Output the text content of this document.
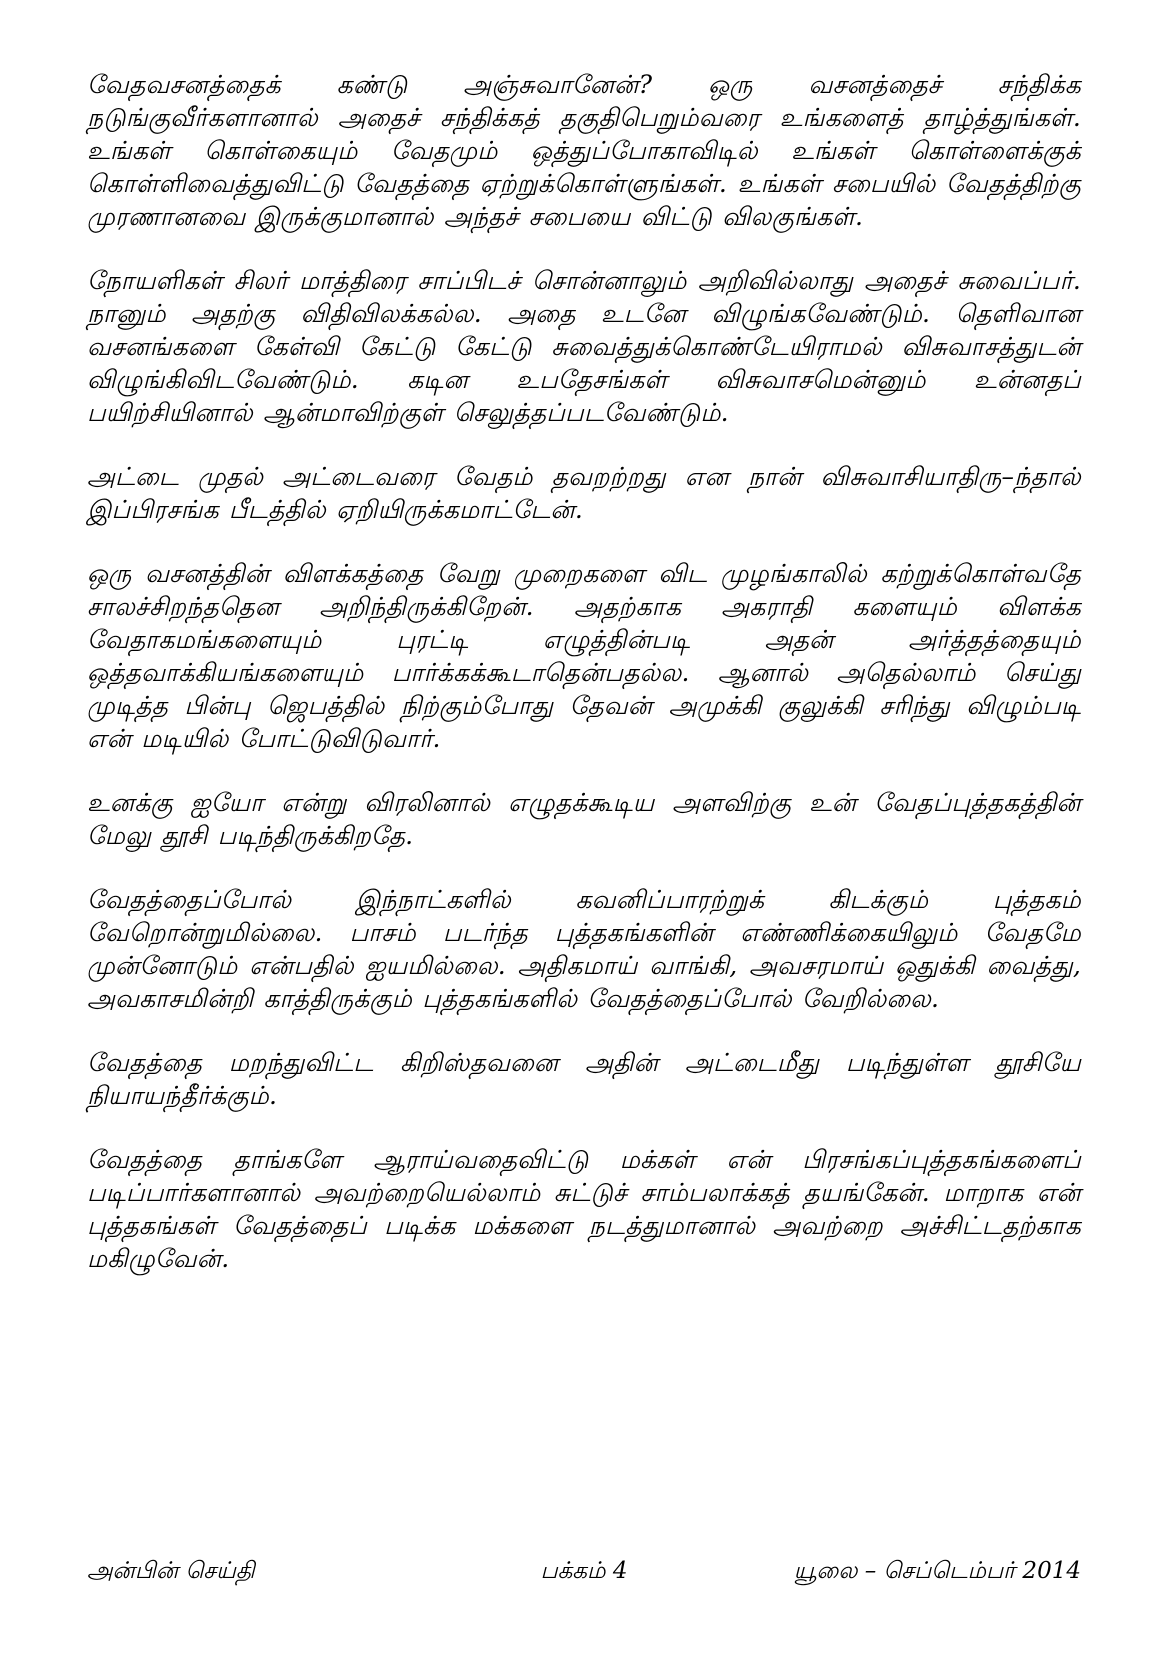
வேதவசனத்தைக் கண்டு அஞ்சுவானேன்? ஒரு வசனத்தைச் சந்திக்க நடுங்குவீர்களானால் அதைச் சந்திக்கத் தகுதிபெறும்வரை உங்களைத் தாழ்த்துங்கள். உங்கள் கொள்கையும் வேதமும் ஒத்துப்போகாவிடில் உங்கள் கொள்ளைக்குக் கொள்ளிவைத்துவிட்டு வேதத்தை ஏற்றுக்கொள்ளுங்கள். உங்கள் சபையில் வேதத்திற்கு முரணானவை இருக்குமானால் அந்தச் சபையை விட்டு விலகுங்கள்.

நோயளிகள் சிலர் மாத்திரை சாப்பிடச் சொன்னாலும் அறிவில்லாது அதைச் சுவைப்பர். நானும் அதற்கு விதிவிலக்கல்ல. அதை உடனே விழுங்கவேண்டும். தெளிவான வசனங்களை கேள்வி கேட்டு கேட்டு சுவைத்துக்கொண்டேயிராமல் விசுவாசத்துடன் விழுங்கிவிடவேண்டும். கடின உபதேசங்கள் விசுவாசமென்னும் உன்னதப் பயிற்சியினால் ஆன்மாவிற்குள் செலுத்தப்படவேண்டும்.

அட்டை முதல் அட்டைவரை வேதம் தவறற்றது என நான் விசுவாசியாதிரு–ந்தால் இப்பிரசங்க பீடத்தில் ஏறியிருக்கமாட்டேன்.

ஒரு வசனத்தின் விளக்கத்தை வேறு முறைகளை விட முழங்காலில் கற்றுக்கொள்வதே சாலச்சிறந்ததென அறிந்திருக்கிறேன். அதற்காக அகராதி களையும் விளக்க வேதாகமங்களையும் புரட்டி எழுத்தின்படி அதன் அர்த்தத்தையும் ஒத்தவாக்கியங்களையும் பார்க்கக்கூடாதென்பதல்ல. ஆனால் அதெல்லாம் செய்து முடித்த பின்பு ஜெபத்தில் நிற்கும்போது தேவன் அமுக்கி குலுக்கி சரிந்து விழும்படி என் மடியில் போட்டுவிடுவார்.

உனக்கு ஐயோ என்று விரலினால் எழுதக்கூடிய அளவிற்கு உன் வேதப்புத்தகத்தின் மேலு தூசி படிந்திருக்கிறதே.

வேதத்தைப்போல் இந்நாட்களில் கவனிப்பாரற்றுக் கிடக்கும் புத்தகம் வேறொன்றுமில்லை. பாசம் படர்ந்த புத்தகங்களின் எண்ணிக்கையிலும் வேதமே முன்னோடும் என்பதில் ஐயமில்லை. அதிகமாய் வாங்கி, அவசரமாய் ஒதுக்கி வைத்து, அவகாசமின்றி காத்திருக்கும் புத்தகங்களில் வேதத்தைப்போல் வேறில்லை.

வேதத்தை மறந்துவிட்ட கிறிஸ்தவனை அதின் அட்டைமீது படிந்துள்ள தூசியே நியாயந்தீர்க்கும்.

வேதத்தை தாங்களே ஆராய்வதைவிட்டு மக்கள் என் பிரசங்கப்புத்தகங்களைப் படிப்பார்களானால் அவற்றையெல்லாம் சுட்டுச் சாம்பலாக்கத் தயங்கேன். மாறாக என் புத்தகங்கள் வேதத்தைப் படிக்க மக்களை நடத்துமானால் அவற்றை அச்சிட்டதற்காக மகிழுவேன்.

அன்பின் செய்தி	பக்கம் 4	யூலை – செப்டெம்பர் 2014
